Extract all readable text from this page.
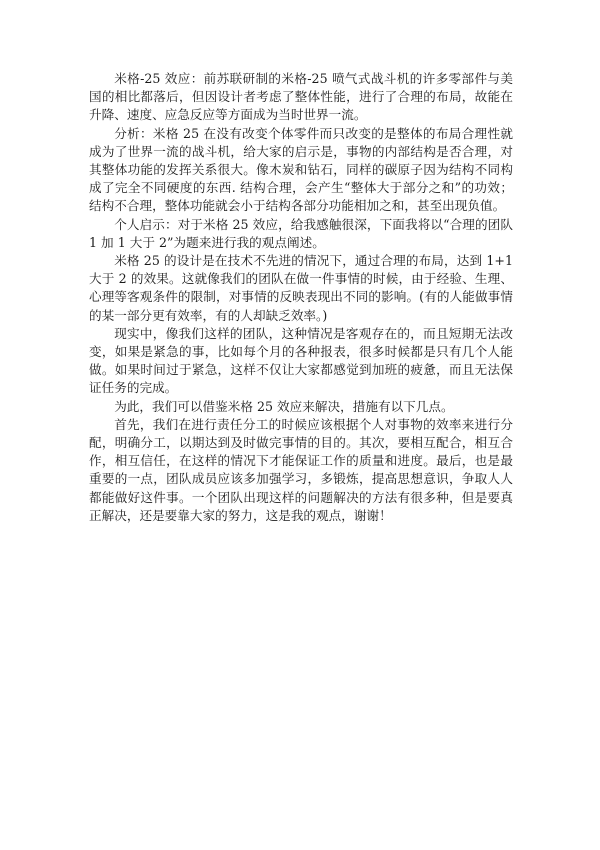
米格-25 效应：前苏联研制的米格-25 喷气式战斗机的许多零部件与美国的相比都落后，但因设计者考虑了整体性能，进行了合理的布局，故能在升降、速度、应急反应等方面成为当时世界一流。

分析：米格 25 在没有改变个体零件而只改变的是整体的布局合理性就成为了世界一流的战斗机，给大家的启示是，事物的内部结构是否合理，对其整体功能的发挥关系很大。像木炭和钻石，同样的碳原子因为结构不同构成了完全不同硬度的东西. 结构合理，会产生“整体大于部分之和”的功效；结构不合理，整体功能就会小于结构各部分功能相加之和，甚至出现负值。

个人启示：对于米格 25 效应，给我感触很深，下面我将以“合理的团队 1 加 1 大于 2”为题来进行我的观点阐述。

米格 25 的设计是在技术不先进的情况下，通过合理的布局，达到 1+1 大于 2 的效果。这就像我们的团队在做一件事情的时候，由于经验、生理、心理等客观条件的限制，对事情的反映表现出不同的影响。(有的人能做事情的某一部分更有效率，有的人却缺乏效率。)

现实中，像我们这样的团队，这种情况是客观存在的，而且短期无法改变，如果是紧急的事，比如每个月的各种报表，很多时候都是只有几个人能做。如果时间过于紧急，这样不仅让大家都感觉到加班的疲惫，而且无法保证任务的完成。

为此，我们可以借鉴米格 25 效应来解决，措施有以下几点。

首先，我们在进行责任分工的时候应该根据个人对事物的效率来进行分配，明确分工，以期达到及时做完事情的目的。其次，要相互配合，相互合作，相互信任，在这样的情况下才能保证工作的质量和进度。最后，也是最重要的一点，团队成员应该多加强学习，多锻炼，提高思想意识，争取人人都能做好这件事。一个团队出现这样的问题解决的方法有很多种，但是要真正解决，还是要靠大家的努力，这是我的观点，谢谢！
